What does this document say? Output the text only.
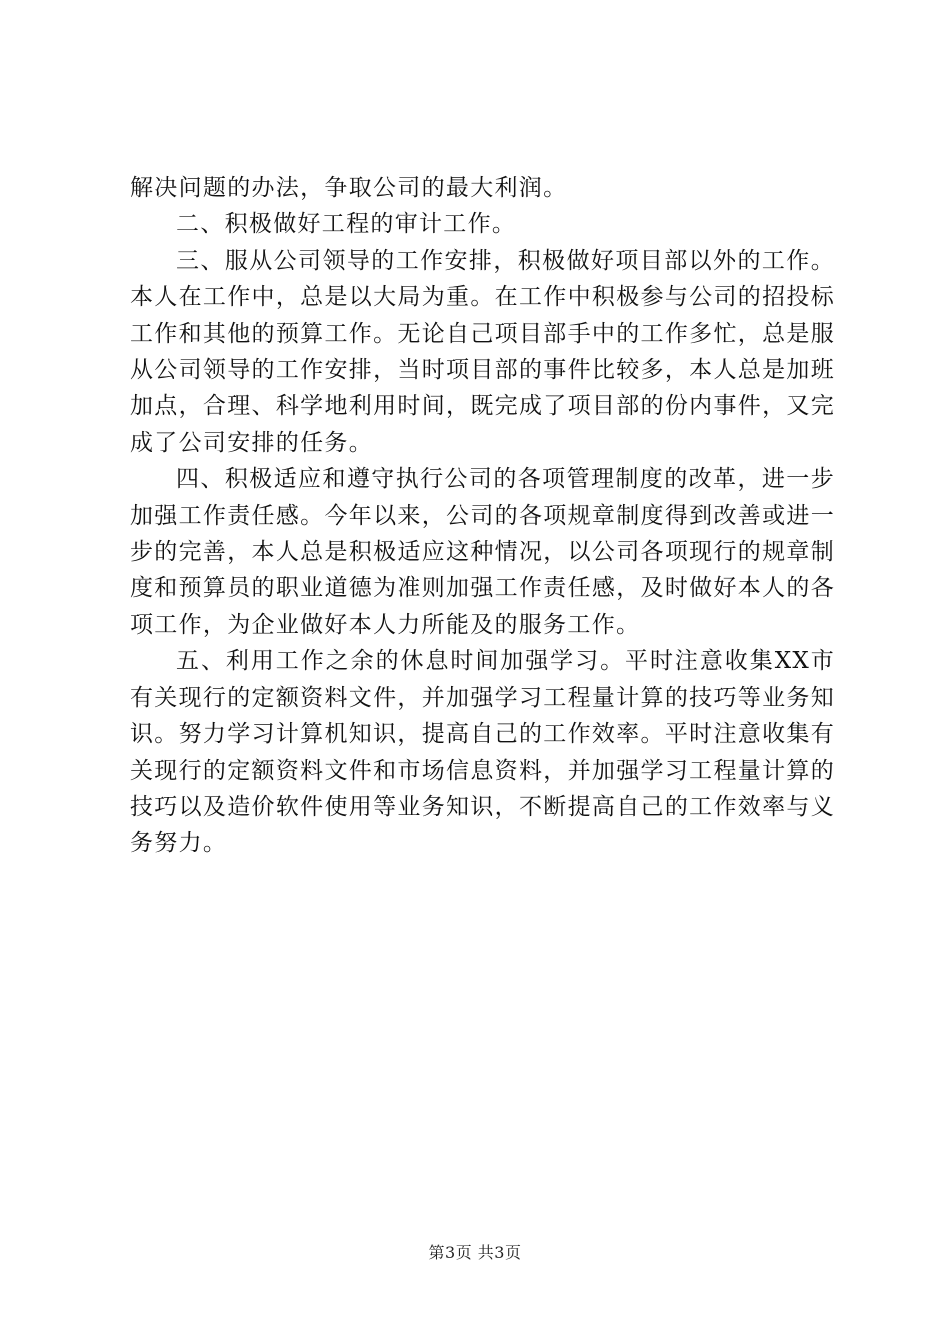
解决问题的办法，争取公司的最大利润。

二、积极做好工程的审计工作。

三、服从公司领导的工作安排，积极做好项目部以外的工作。本人在工作中，总是以大局为重。在工作中积极参与公司的招投标工作和其他的预算工作。无论自己项目部手中的工作多忙，总是服从公司领导的工作安排，当时项目部的事件比较多，本人总是加班加点，合理、科学地利用时间，既完成了项目部的份内事件，又完成了公司安排的任务。

四、积极适应和遵守执行公司的各项管理制度的改革，进一步加强工作责任感。今年以来，公司的各项规章制度得到改善或进一步的完善，本人总是积极适应这种情况，以公司各项现行的规章制度和预算员的职业道德为准则加强工作责任感，及时做好本人的各项工作，为企业做好本人力所能及的服务工作。

五、利用工作之余的休息时间加强学习。平时注意收集XX市有关现行的定额资料文件，并加强学习工程量计算的技巧等业务知识。努力学习计算机知识，提高自己的工作效率。平时注意收集有关现行的定额资料文件和市场信息资料，并加强学习工程量计算的技巧以及造价软件使用等业务知识，不断提高自己的工作效率与义务努力。

第3页 共3页
